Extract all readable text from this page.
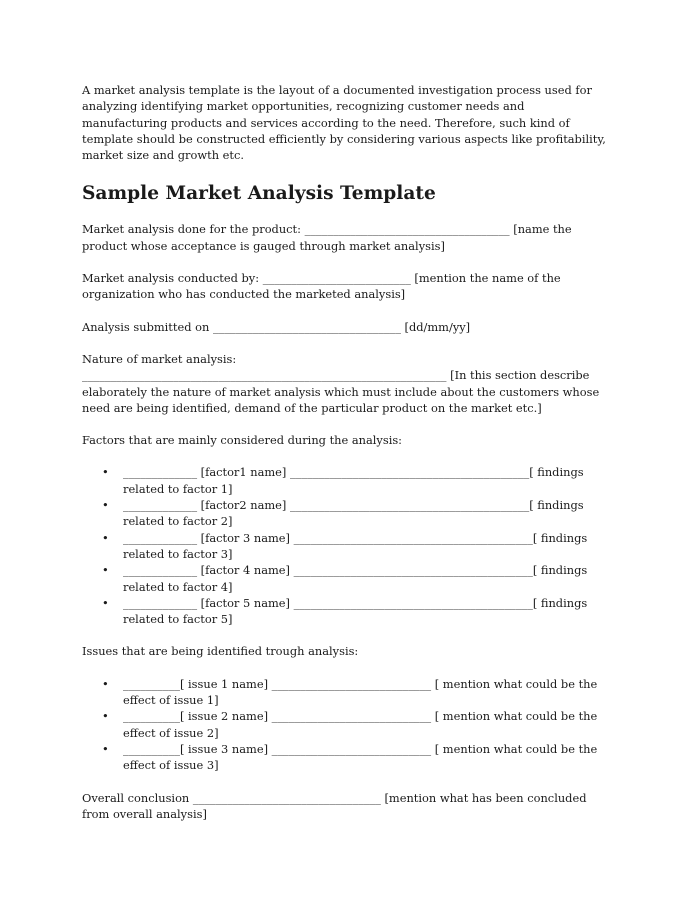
A market analysis template is the layout of a documented investigation process used for analyzing identifying market opportunities, recognizing customer needs and manufacturing products and services according to the need. Therefore, such kind of template should be constructed efficiently by considering various aspects like profitability, market size and growth etc.

Sample Market Analysis Template

Market analysis done for the product: ____________________________________ [name the product whose acceptance is gauged through market analysis]

Market analysis conducted by: __________________________ [mention the name of the organization who has conducted the marketed analysis]

Analysis submitted on _________________________________ [dd/mm/yy]

Nature of market analysis:

________________________________________________________________ [In this section describe elaborately the nature of market analysis which must include about the customers whose need are being identified, demand of the particular product on the market etc.]

Factors that are mainly considered during the analysis:

• _____________ [factor1 name] __________________________________________[ findings related to factor 1]
• _____________ [factor2 name] __________________________________________[ findings related to factor 2]
• _____________ [factor 3 name] __________________________________________[ findings related to factor 3]
• _____________ [factor 4 name] __________________________________________[ findings related to factor 4]
• _____________ [factor 5 name] __________________________________________[ findings related to factor 5]

Issues that are being identified trough analysis:

• __________[ issue 1 name] ____________________________ [ mention what could be the effect of issue 1]
• __________[ issue 2 name] ____________________________ [ mention what could be the effect of issue 2]
• __________[ issue 3 name] ____________________________ [ mention what could be the effect of issue 3]

Overall conclusion _________________________________ [mention what has been concluded from overall analysis]
